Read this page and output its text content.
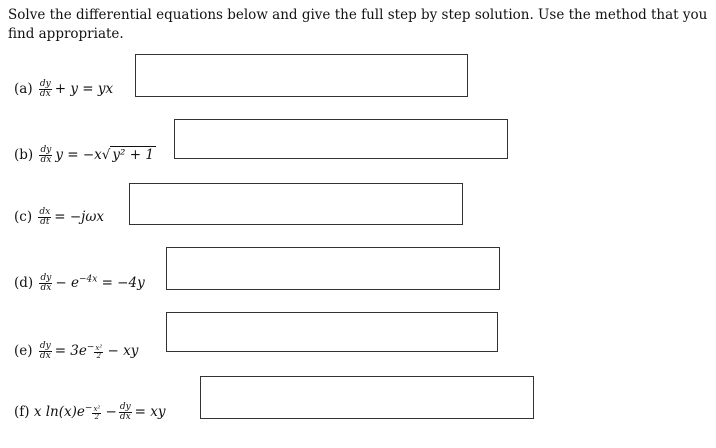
Solve the differential equations below and give the full step by step solution. Use the method that you find appropriate.
$(a) \frac{dy}{dx} + y$ = yx
$(b) \frac{dy}{dx}$ y = −x√ y² + 1
$(c) \frac{dx}{dt} = -j\omega x$
$(d) \frac{dy}{dx} - e^{-4x} = -4y$
$(e) \frac{dy}{dx} = 3e^- \frac{\text{x²}}{2}$ − xy
(f) x $\ln(x)e^- \frac{\text{x²}}{2} - \frac{dy}{dx}$ = xy
